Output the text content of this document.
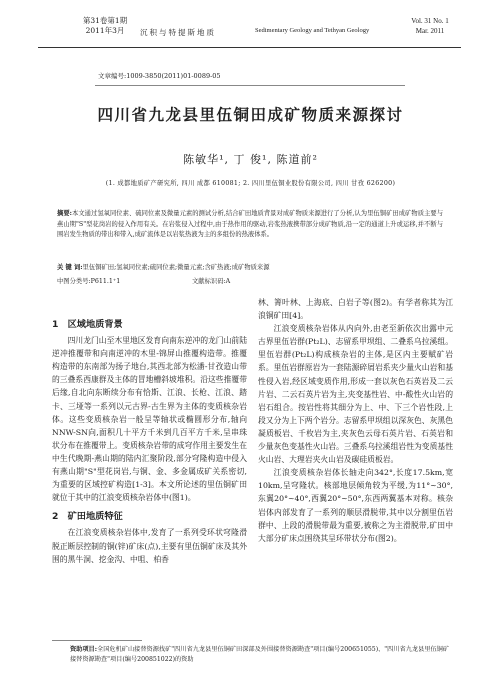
第31卷第1期
2011年3月	沉积与特提斯地质	Sedimentary Geology and Tethyan Geology
Vol. 31 No. 1
Mar. 2011
文章编号:1009-3850(2011)01-0089-05
四川省九龙县里伍铜田成矿物质来源探讨
陈敏华¹, 丁 俊¹, 陈道前²
(1. 成都地质矿产研究所, 四川 成都 610081; 2. 四川里伍铜业股份有限公司, 四川 甘孜 626200)
摘要:本文通过氢氧同位素、硫同位素及微量元素的测试分析,结合矿田地质背景对成矿物质来源进行了分析,认为里伍铜矿田成矿物质主要与燕山期"S"型花岗岩的侵入作用有关。在岩浆侵入过程中,由于热作用的驱动,岩浆热液携带部分成矿物质,沿一定的通道上升或运移,并不断与围岩发生物质的带出和带入,成矿流体是以岩浆热液为主的多组份的热液体系。
关 键 词:里伍铜矿田;氢氧同位素;硫同位素;微量元素;含矿热液;成矿物质来源
中图分类号:P611.1⁺1	文献标识码:A
1　区域地质背景

四川龙门山至木里地区发育向南东逆冲的龙门山前陆逆冲推覆带和向南逆冲的木里-锦屏山推覆构造带。推覆构造带的东南部为扬子地台,其西北部为松潘-甘孜造山带的三叠系西康群及主体的冒地槽斜坡堆积。沿这些推覆带后缘,自北向东断续分布有恰斯、江浪、长枪、江浪、踏卡、三垭等一系列以元古界-古生界为主体的变质核杂岩体。这些变质核杂岩一般呈等轴状或椭圆形分布,轴向NNW-SN向,面积几十平方千米到几百平方千米,呈串珠状分布在推覆带上。变质核杂岩带的成穹作用主要发生在中生代晚期-燕山期的陆内汇聚阶段,部分穹隆构造中侵入有燕山期"S"型花岗岩,与铜、金、多金属成矿关系密切,为重要的区域控矿构造[1-3]。本文所论述的里伍铜矿田就位于其中的江浪变质核杂岩体中(图1)。

2　矿田地质特征

在江浪变质核杂岩体中,发育了一系列受环状穹隆滑脱正断层控制的铜(锌)矿床(点),主要有里伍铜矿床及其外围的黑牛洞、挖金沟、中咀、柏香

林、箐叶林、上海底、白岩子等(图2)。有学者称其为江浪铜矿田[4]。

江浪变质核杂岩体从内向外,由老至新依次出露中元古界里伍岩群(Pt₂L)、志留系甲坝组、二叠系乌拉溪组。里伍岩群(Pt₂L)构成核杂岩的主体,是区内主要赋矿岩系。里伍岩群原岩为一套陆源碎屑岩系夹少量火山岩和基性侵入岩,经区域变质作用,形成一套以灰色石英岩及二云片岩、二云石英片岩为主,夹变基性岩、中-酸性火山岩的岩石组合。按岩性将其细分为上、中、下三个岩性段,上段又分为上下两个岩分。志留系甲坝组以深灰色、灰黑色凝质板岩、千枚岩为主,夹灰色云母石英片岩、石英岩和少量灰色变基性火山岩。三叠系乌拉溪组岩性为变质基性火山岩、大理岩夹火山岩及碳硅质板岩。

江浪变质核杂岩体长轴走向342°,长度17.5km,宽10km,呈穹隆状。核部地层倾角较为平缓,为11°~30°,东翼20°~40°,西翼20°~50°,东西两翼基本对称。核杂岩体内部发育了一系列的顺层滑脱带,其中以分割里伍岩群中、上段的滑脱带最为重要,被称之为主滑脱带,矿田中大部分矿床点围绕其呈环带状分布(图2)。

资助项目:全国危机矿山接替资源找矿"四川省九龙县里伍铜矿田深部及外围接替资源勘查"项目(编号200651055)、"四川省九龙县里伍铜矿接替资源勘查"项目(编号200851022)的资助
